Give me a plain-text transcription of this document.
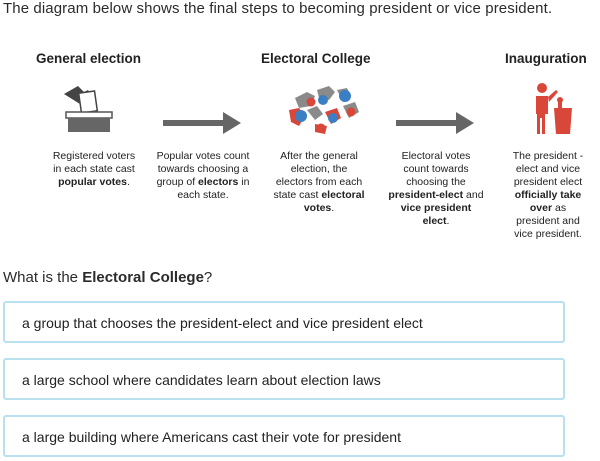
The diagram below shows the final steps to becoming president or vice president.
General election	Electoral College	Inauguration
Registered voters in each state cast popular votes.
Popular votes count towards choosing a group of electors in each state.
After the general election, the electors from each state cast electoral votes.
Electoral votes count towards choosing the president-elect and vice president elect.
The president -elect and vice president elect officially take over as president and vice president.
What is the Electoral College?
a group that chooses the president-elect and vice president elect
a large school where candidates learn about election laws
a large building where Americans cast their vote for president
